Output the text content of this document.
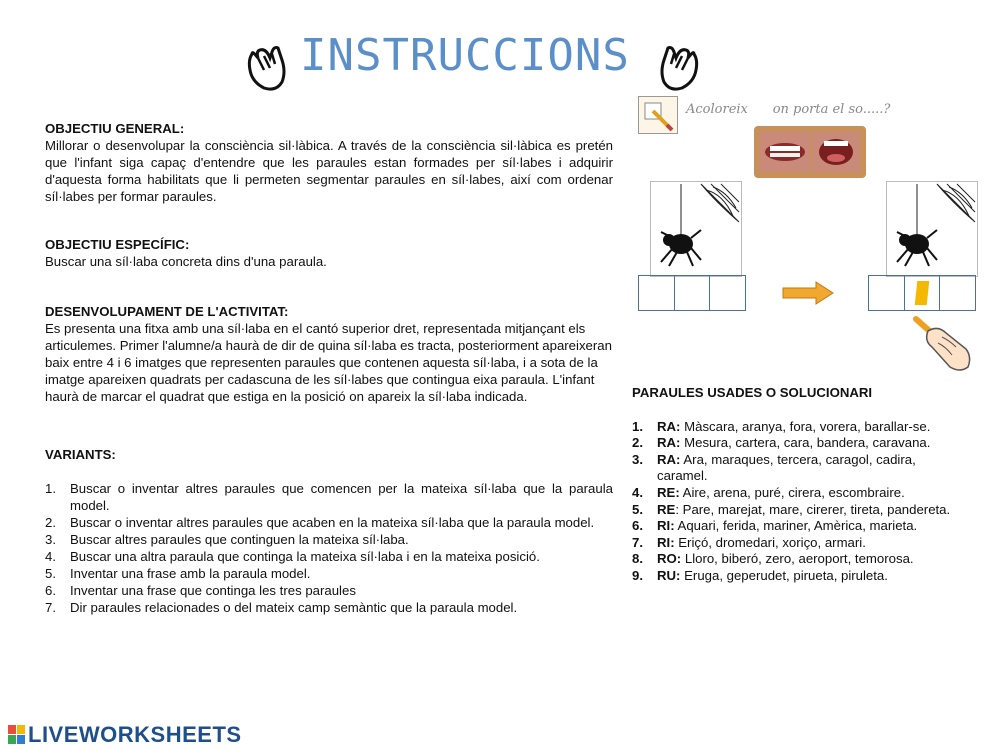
INSTRUCCIONS
OBJECTIU GENERAL:
Millorar o desenvolupar la consciència sil·làbica. A través de la consciència sil·làbica es pretén que l'infant siga capaç d'entendre que les paraules estan formades per síl·labes i adquirir d'aquesta forma habilitats que li permeten segmentar paraules en síl·labes, així com ordenar síl·labes per formar paraules.
OBJECTIU ESPECÍFIC:
Buscar una síl·laba concreta dins d'una paraula.
DESENVOLUPAMENT DE L'ACTIVITAT:
Es presenta una fitxa amb una síl·laba en el cantó superior dret, representada mitjançant els articulemes. Primer l'alumne/a haurà de dir de quina síl·laba es tracta, posteriorment apareixeran baix entre 4 i 6 imatges que representen paraules que contenen aquesta síl·laba, i a sota de la imatge apareixen quadrats per cadascuna de les síl·labes que contingua eixa paraula. L'infant haurà de marcar el quadrat que estiga en la posició on apareix la síl·laba indicada.
VARIANTS:
1.	Buscar o inventar altres paraules que comencen per la mateixa síl·laba que la paraula model.
2.	Buscar o inventar altres paraules que acaben en la mateixa síl·laba que la paraula model.
3.	Buscar altres paraules que continguen la mateixa síl·laba.
4.	Buscar una altra paraula que continga la mateixa síl·laba i en la mateixa posició.
5.	Inventar una frase amb la paraula model.
6.	Inventar una frase que continga les tres paraules
7.	Dir paraules relacionades o del mateix camp semàntic que la paraula model.
Acoloreix on porta el so.....?
PARAULES USADES O SOLUCIONARI
1.	RA: Màscara, aranya, fora, vorera, barallar-se.
2.	RA: Mesura, cartera, cara, bandera, caravana.
3.	RA: Ara, maraques, tercera, caragol, cadira, caramel.
4.	RE: Aire, arena, puré, cirera, escombraire.
5.	RE: Pare, marejat, mare, cirerer, tireta, pandereta.
6.	RI: Aquari, ferida, mariner, Amèrica, marieta.
7.	RI: Eriçó, dromedari, xoriço, armari.
8.	RO: Lloro, biberó, zero, aeroport, temorosa.
9.	RU: Eruga, geperudet, pirueta, piruleta.
LIVEWORKSHEETS
